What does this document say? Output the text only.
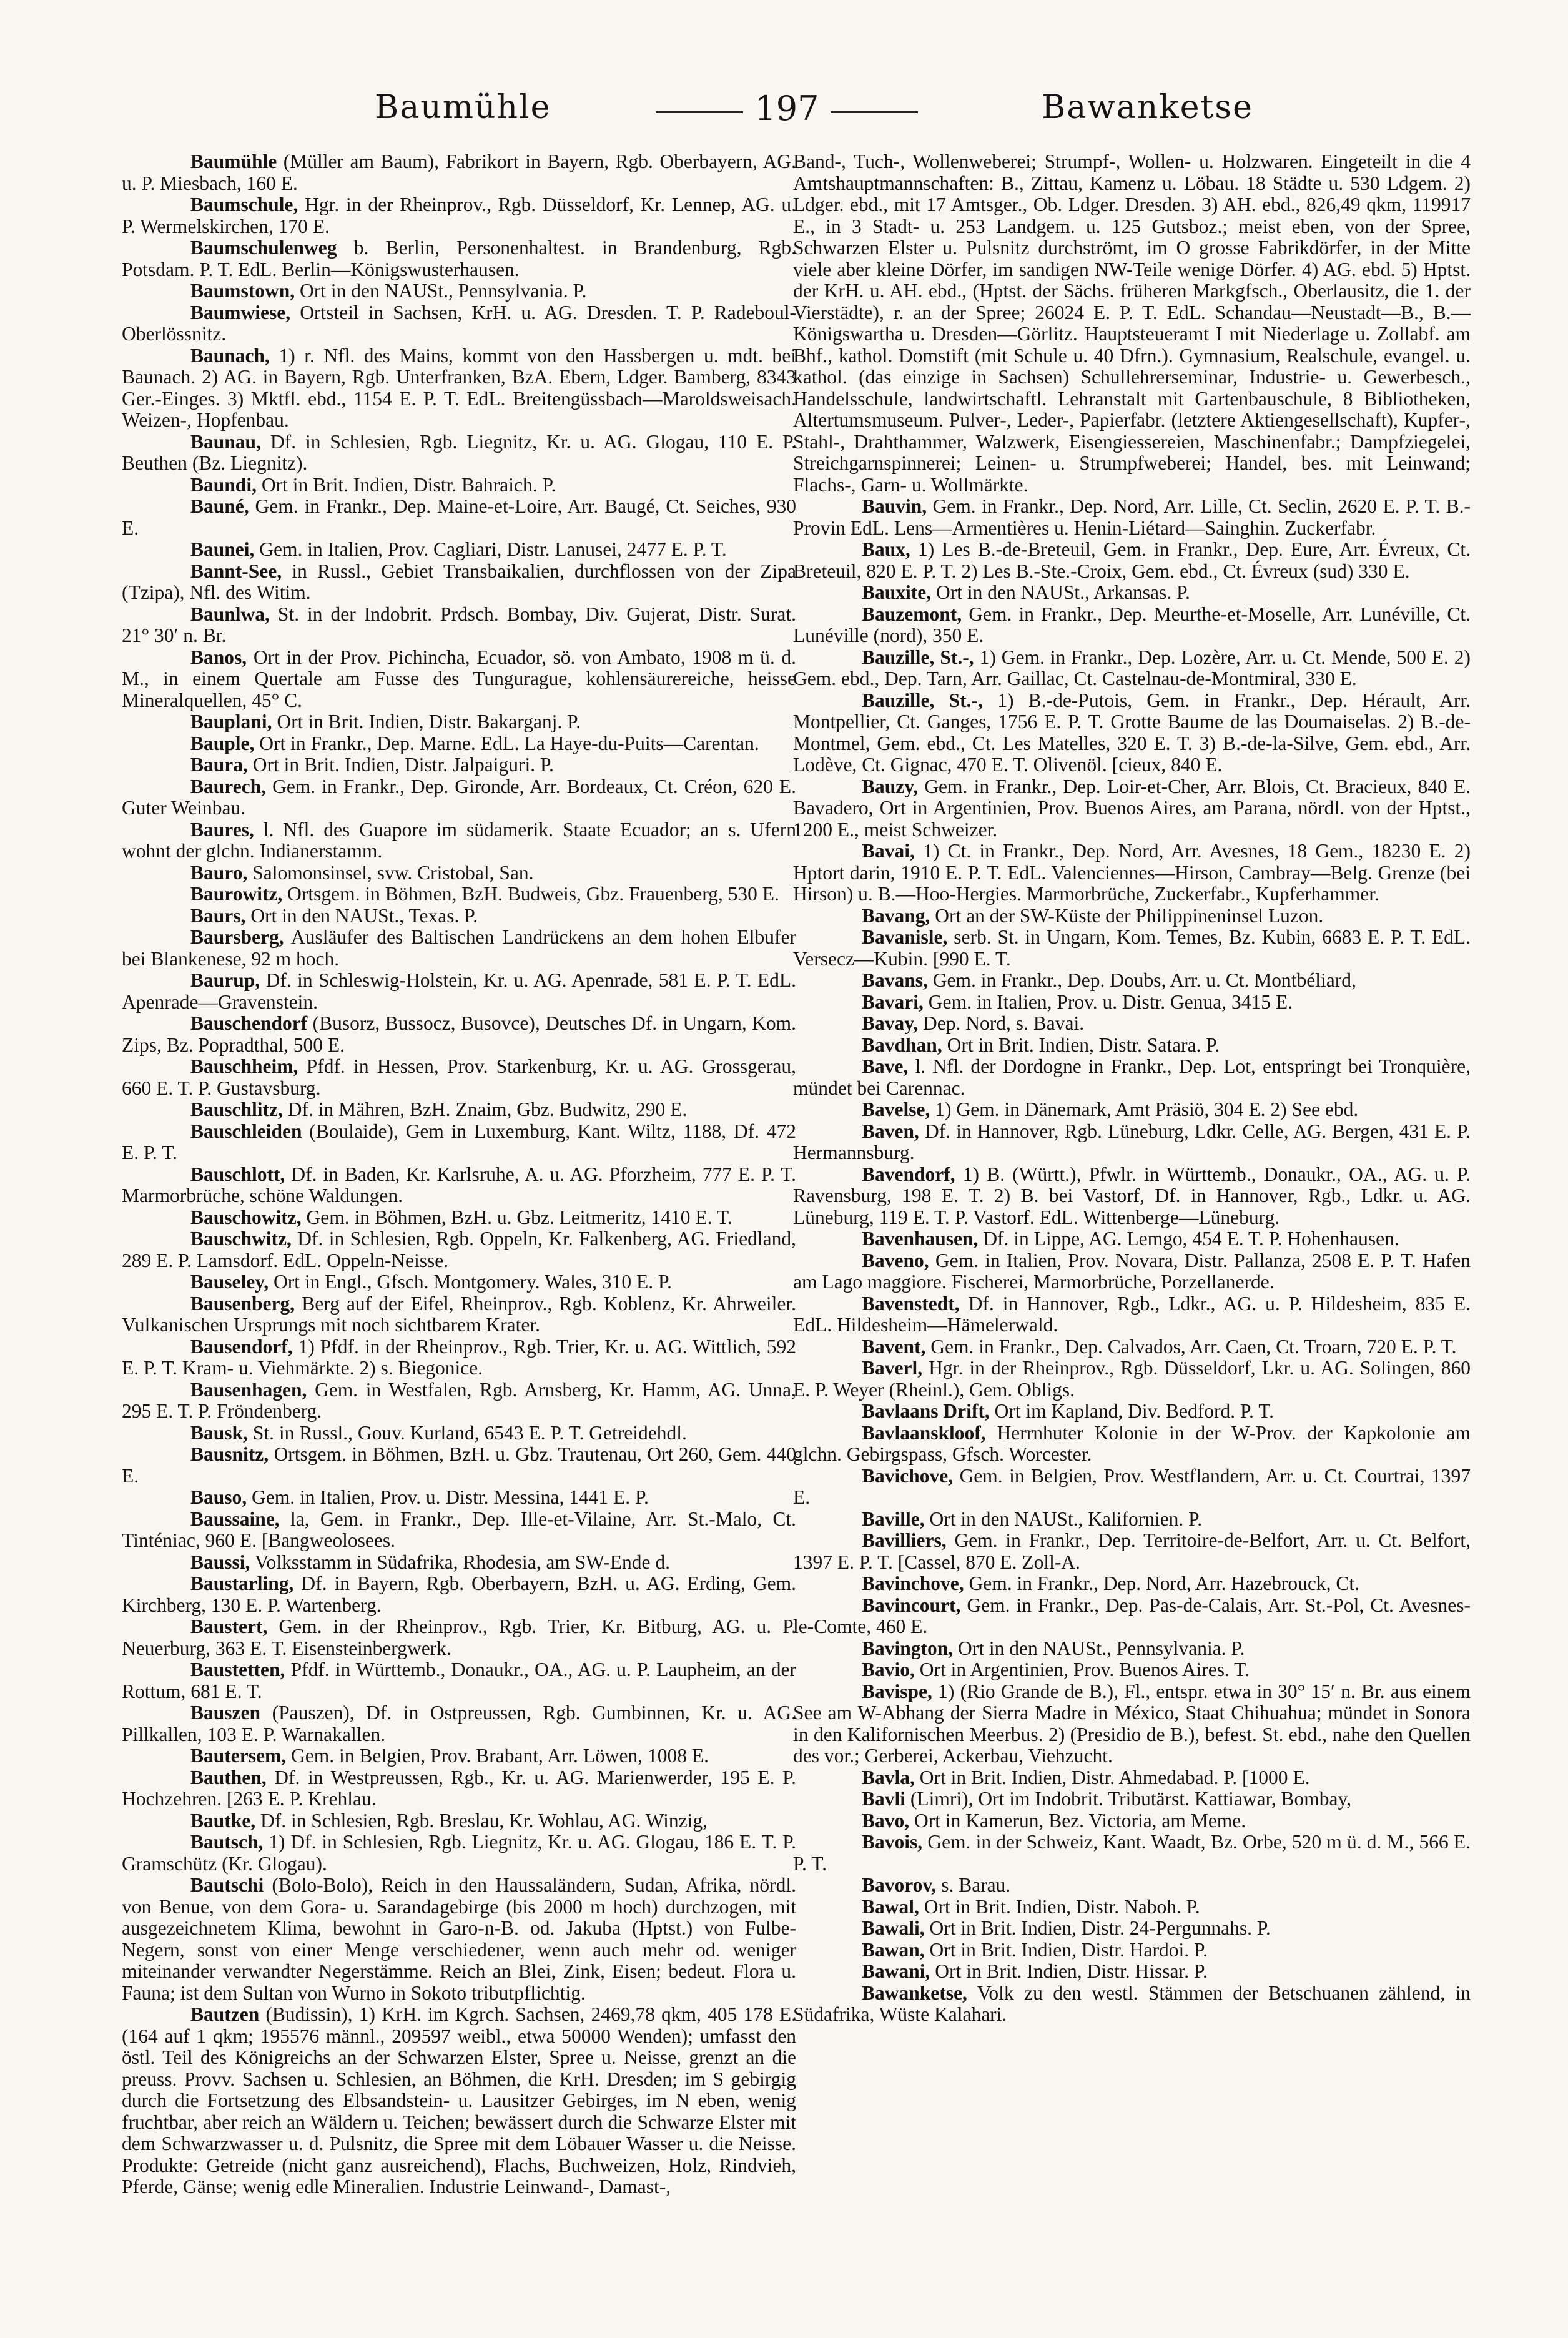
Baumühle	197	Bawanketse

Baumühle (Müller am Baum), Fabrikort in Bayern, Rgb. Oberbayern, AG. u. P. Miesbach, 160 E.

Baumschule, Hgr. in der Rheinprov., Rgb. Düsseldorf, Kr. Lennep, AG. u. P. Wermelskirchen, 170 E.

Baumschulenweg b. Berlin, Personenhaltest. in Brandenburg, Rgb. Potsdam. P. T. EdL. Berlin—Königswusterhausen.

Baumstown, Ort in den NAUSt., Pennsylvania. P.

Baumwiese, Ortsteil in Sachsen, KrH. u. AG. Dresden. T. P. Radeboul-Oberlössnitz.

Baunach, 1) r. Nfl. des Mains, kommt von den Hassbergen u. mdt. bei Baunach. 2) AG. in Bayern, Rgb. Unterfranken, BzA. Ebern, Ldger. Bamberg, 8343 Ger.-Einges. 3) Mktfl. ebd., 1154 E. P. T. EdL. Breitengüssbach—Maroldsweisach. Weizen-, Hopfenbau.

Baunau, Df. in Schlesien, Rgb. Liegnitz, Kr. u. AG. Glogau, 110 E. P. Beuthen (Bz. Liegnitz).

Baundi, Ort in Brit. Indien, Distr. Bahraich. P.

Bauné, Gem. in Frankr., Dep. Maine-et-Loire, Arr. Baugé, Ct. Seiches, 930 E.

Baunei, Gem. in Italien, Prov. Cagliari, Distr. Lanusei, 2477 E. P. T.

Bannt-See, in Russl., Gebiet Transbaikalien, durchflossen von der Zipa (Tzipa), Nfl. des Witim.

Baunlwa, St. in der Indobrit. Prdsch. Bombay, Div. Gujerat, Distr. Surat. 21° 30′ n. Br.

Banos, Ort in der Prov. Pichincha, Ecuador, sö. von Ambato, 1908 m ü. d. M., in einem Quertale am Fusse des Tungurague, kohlensäurereiche, heisse Mineralquellen, 45° C.

Bauplani, Ort in Brit. Indien, Distr. Bakarganj. P.

Bauple, Ort in Frankr., Dep. Marne. EdL. La Haye-du-Puits—Carentan.

Baura, Ort in Brit. Indien, Distr. Jalpaiguri. P.

Baurech, Gem. in Frankr., Dep. Gironde, Arr. Bordeaux, Ct. Créon, 620 E. Guter Weinbau.

Baures, l. Nfl. des Guapore im südamerik. Staate Ecuador; an s. Ufern wohnt der glchn. Indianerstamm.

Bauro, Salomonsinsel, svw. Cristobal, San.

Baurowitz, Ortsgem. in Böhmen, BzH. Budweis, Gbz. Frauenberg, 530 E.

Baurs, Ort in den NAUSt., Texas. P.

Baursberg, Ausläufer des Baltischen Landrückens an dem hohen Elbufer bei Blankenese, 92 m hoch.

Baurup, Df. in Schleswig-Holstein, Kr. u. AG. Apenrade, 581 E. P. T. EdL. Apenrade—Gravenstein.

Bauschendorf (Busorz, Bussocz, Busovce), Deutsches Df. in Ungarn, Kom. Zips, Bz. Popradthal, 500 E.

Bauschheim, Pfdf. in Hessen, Prov. Starkenburg, Kr. u. AG. Grossgerau, 660 E. T. P. Gustavsburg.

Bauschlitz, Df. in Mähren, BzH. Znaim, Gbz. Budwitz, 290 E.

Bauschleiden (Boulaide), Gem in Luxemburg, Kant. Wiltz, 1188, Df. 472 E. P. T.

Bauschlott, Df. in Baden, Kr. Karlsruhe, A. u. AG. Pforzheim, 777 E. P. T. Marmorbrüche, schöne Waldungen.

Bauschowitz, Gem. in Böhmen, BzH. u. Gbz. Leitmeritz, 1410 E. T.

Bauschwitz, Df. in Schlesien, Rgb. Oppeln, Kr. Falkenberg, AG. Friedland, 289 E. P. Lamsdorf. EdL. Oppeln-Neisse.

Bauseley, Ort in Engl., Gfsch. Montgomery. Wales, 310 E. P.

Bausenberg, Berg auf der Eifel, Rheinprov., Rgb. Koblenz, Kr. Ahrweiler. Vulkanischen Ursprungs mit noch sichtbarem Krater.

Bausendorf, 1) Pfdf. in der Rheinprov., Rgb. Trier, Kr. u. AG. Wittlich, 592 E. P. T. Kram- u. Viehmärkte. 2) s. Biegonice.

Bausenhagen, Gem. in Westfalen, Rgb. Arnsberg, Kr. Hamm, AG. Unna, 295 E. T. P. Fröndenberg.

Bausk, St. in Russl., Gouv. Kurland, 6543 E. P. T. Getreidehdl.

Bausnitz, Ortsgem. in Böhmen, BzH. u. Gbz. Trautenau, Ort 260, Gem. 440 E.

Bauso, Gem. in Italien, Prov. u. Distr. Messina, 1441 E. P.

Baussaine, la, Gem. in Frankr., Dep. Ille-et-Vilaine, Arr. St.-Malo, Ct. Tinténiac, 960 E. [Bangweolosees.

Baussi, Volksstamm in Südafrika, Rhodesia, am SW-Ende d.

Baustarling, Df. in Bayern, Rgb. Oberbayern, BzH. u. AG. Erding, Gem. Kirchberg, 130 E. P. Wartenberg.

Baustert, Gem. in der Rheinprov., Rgb. Trier, Kr. Bitburg, AG. u. P. Neuerburg, 363 E. T. Eisensteinbergwerk.

Baustetten, Pfdf. in Württemb., Donaukr., OA., AG. u. P. Laupheim, an der Rottum, 681 E. T.

Bauszen (Pauszen), Df. in Ostpreussen, Rgb. Gumbinnen, Kr. u. AG. Pillkallen, 103 E. P. Warnakallen.

Bautersem, Gem. in Belgien, Prov. Brabant, Arr. Löwen, 1008 E.

Bauthen, Df. in Westpreussen, Rgb., Kr. u. AG. Marienwerder, 195 E. P. Hochzehren. [263 E. P. Krehlau.

Bautke, Df. in Schlesien, Rgb. Breslau, Kr. Wohlau, AG. Winzig,

Bautsch, 1) Df. in Schlesien, Rgb. Liegnitz, Kr. u. AG. Glogau, 186 E. T. P. Gramschütz (Kr. Glogau).

Bautschi (Bolo-Bolo), Reich in den Haussaländern, Sudan, Afrika, nördl. von Benue, von dem Gora- u. Sarandagebirge (bis 2000 m hoch) durchzogen, mit ausgezeichnetem Klima, bewohnt in Garo-n-B. od. Jakuba (Hptst.) von Fulbe-Negern, sonst von einer Menge verschiedener, wenn auch mehr od. weniger miteinander verwandter Negerstämme. Reich an Blei, Zink, Eisen; bedeut. Flora u. Fauna; ist dem Sultan von Wurno in Sokoto tributpflichtig.

Bautzen (Budissin), 1) KrH. im Kgrch. Sachsen, 2469,78 qkm, 405 178 E. (164 auf 1 qkm; 195576 männl., 209597 weibl., etwa 50000 Wenden); umfasst den östl. Teil des Königreichs an der Schwarzen Elster, Spree u. Neisse, grenzt an die preuss. Provv. Sachsen u. Schlesien, an Böhmen, die KrH. Dresden; im S gebirgig durch die Fortsetzung des Elbsandstein- u. Lausitzer Gebirges, im N eben, wenig fruchtbar, aber reich an Wäldern u. Teichen; bewässert durch die Schwarze Elster mit dem Schwarzwasser u. d. Pulsnitz, die Spree mit dem Löbauer Wasser u. die Neisse. Produkte: Getreide (nicht ganz ausreichend), Flachs, Buchweizen, Holz, Rindvieh, Pferde, Gänse; wenig edle Mineralien. Industrie Leinwand-, Damast-,

Band-, Tuch-, Wollenweberei; Strumpf-, Wollen- u. Holzwaren. Eingeteilt in die 4 Amtshauptmannschaften: B., Zittau, Kamenz u. Löbau. 18 Städte u. 530 Ldgem. 2) Ldger. ebd., mit 17 Amtsger., Ob. Ldger. Dresden. 3) AH. ebd., 826,49 qkm, 119917 E., in 3 Stadt- u. 253 Landgem. u. 125 Gutsboz.; meist eben, von der Spree, Schwarzen Elster u. Pulsnitz durchströmt, im O grosse Fabrikdörfer, in der Mitte viele aber kleine Dörfer, im sandigen NW-Teile wenige Dörfer. 4) AG. ebd. 5) Hptst. der KrH. u. AH. ebd., (Hptst. der Sächs. früheren Markgfsch., Oberlausitz, die 1. der Vierstädte), r. an der Spree; 26024 E. P. T. EdL. Schandau—Neustadt—B., B.—Königswartha u. Dresden—Görlitz. Hauptsteueramt I mit Niederlage u. Zollabf. am Bhf., kathol. Domstift (mit Schule u. 40 Dfrn.). Gymnasium, Realschule, evangel. u. kathol. (das einzige in Sachsen) Schullehrerseminar, Industrie- u. Gewerbesch., Handelsschule, landwirtschaftl. Lehranstalt mit Gartenbauschule, 8 Bibliotheken, Altertumsmuseum. Pulver-, Leder-, Papierfabr. (letztere Aktiengesellschaft), Kupfer-, Stahl-, Drahthammer, Walzwerk, Eisengiessereien, Maschinenfabr.; Dampfziegelei, Streichgarnspinnerei; Leinen- u. Strumpfweberei; Handel, bes. mit Leinwand; Flachs-, Garn- u. Wollmärkte.

Bauvin, Gem. in Frankr., Dep. Nord, Arr. Lille, Ct. Seclin, 2620 E. P. T. B.-Provin EdL. Lens—Armentières u. Henin-Liétard—Sainghin. Zuckerfabr.

Baux, 1) Les B.-de-Breteuil, Gem. in Frankr., Dep. Eure, Arr. Évreux, Ct. Breteuil, 820 E. P. T. 2) Les B.-Ste.-Croix, Gem. ebd., Ct. Évreux (sud) 330 E.

Bauxite, Ort in den NAUSt., Arkansas. P.

Bauzemont, Gem. in Frankr., Dep. Meurthe-et-Moselle, Arr. Lunéville, Ct. Lunéville (nord), 350 E.

Bauzille, St.-, 1) Gem. in Frankr., Dep. Lozère, Arr. u. Ct. Mende, 500 E. 2) Gem. ebd., Dep. Tarn, Arr. Gaillac, Ct. Castelnau-de-Montmiral, 330 E.

Bauzille, St.-, 1) B.-de-Putois, Gem. in Frankr., Dep. Hérault, Arr. Montpellier, Ct. Ganges, 1756 E. P. T. Grotte Baume de las Doumaiselas. 2) B.-de-Montmel, Gem. ebd., Ct. Les Matelles, 320 E. T. 3) B.-de-la-Silve, Gem. ebd., Arr. Lodève, Ct. Gignac, 470 E. T. Olivenöl. [cieux, 840 E.

Bauzy, Gem. in Frankr., Dep. Loir-et-Cher, Arr. Blois, Ct. Bracieux, 840 E. Bavadero, Ort in Argentinien, Prov. Buenos Aires, am Parana, nördl. von der Hptst., 1200 E., meist Schweizer.

Bavai, 1) Ct. in Frankr., Dep. Nord, Arr. Avesnes, 18 Gem., 18230 E. 2) Hptort darin, 1910 E. P. T. EdL. Valenciennes—Hirson, Cambray—Belg. Grenze (bei Hirson) u. B.—Hoo-Hergies. Marmorbrüche, Zuckerfabr., Kupferhammer.

Bavang, Ort an der SW-Küste der Philippineninsel Luzon.

Bavanisle, serb. St. in Ungarn, Kom. Temes, Bz. Kubin, 6683 E. P. T. EdL. Versecz—Kubin. [990 E. T.

Bavans, Gem. in Frankr., Dep. Doubs, Arr. u. Ct. Montbéliard,

Bavari, Gem. in Italien, Prov. u. Distr. Genua, 3415 E.

Bavay, Dep. Nord, s. Bavai.

Bavdhan, Ort in Brit. Indien, Distr. Satara. P.

Bave, l. Nfl. der Dordogne in Frankr., Dep. Lot, entspringt bei Tronquière, mündet bei Carennac.

Bavelse, 1) Gem. in Dänemark, Amt Präsiö, 304 E. 2) See ebd.

Baven, Df. in Hannover, Rgb. Lüneburg, Ldkr. Celle, AG. Bergen, 431 E. P. Hermannsburg.

Bavendorf, 1) B. (Württ.), Pfwlr. in Württemb., Donaukr., OA., AG. u. P. Ravensburg, 198 E. T. 2) B. bei Vastorf, Df. in Hannover, Rgb., Ldkr. u. AG. Lüneburg, 119 E. T. P. Vastorf. EdL. Wittenberge—Lüneburg.

Bavenhausen, Df. in Lippe, AG. Lemgo, 454 E. T. P. Hohenhausen.

Baveno, Gem. in Italien, Prov. Novara, Distr. Pallanza, 2508 E. P. T. Hafen am Lago maggiore. Fischerei, Marmorbrüche, Porzellanerde.

Bavenstedt, Df. in Hannover, Rgb., Ldkr., AG. u. P. Hildesheim, 835 E. EdL. Hildesheim—Hämelerwald.

Bavent, Gem. in Frankr., Dep. Calvados, Arr. Caen, Ct. Troarn, 720 E. P. T.

Baverl, Hgr. in der Rheinprov., Rgb. Düsseldorf, Lkr. u. AG. Solingen, 860 E. P. Weyer (Rheinl.), Gem. Obligs.

Bavlaans Drift, Ort im Kapland, Div. Bedford. P. T.

Bavlaanskloof, Herrnhuter Kolonie in der W-Prov. der Kapkolonie am glchn. Gebirgspass, Gfsch. Worcester.

Bavichove, Gem. in Belgien, Prov. Westflandern, Arr. u. Ct. Courtrai, 1397 E.

Baville, Ort in den NAUSt., Kalifornien. P.

Bavilliers, Gem. in Frankr., Dep. Territoire-de-Belfort, Arr. u. Ct. Belfort, 1397 E. P. T. [Cassel, 870 E. Zoll-A.

Bavinchove, Gem. in Frankr., Dep. Nord, Arr. Hazebrouck, Ct.

Bavincourt, Gem. in Frankr., Dep. Pas-de-Calais, Arr. St.-Pol, Ct. Avesnes-le-Comte, 460 E.

Bavington, Ort in den NAUSt., Pennsylvania. P.

Bavio, Ort in Argentinien, Prov. Buenos Aires. T.

Bavispe, 1) (Rio Grande de B.), Fl., entspr. etwa in 30° 15′ n. Br. aus einem See am W-Abhang der Sierra Madre in México, Staat Chihuahua; mündet in Sonora in den Kalifornischen Meerbus. 2) (Presidio de B.), befest. St. ebd., nahe den Quellen des vor.; Gerberei, Ackerbau, Viehzucht.

Bavla, Ort in Brit. Indien, Distr. Ahmedabad. P. [1000 E.

Bavli (Limri), Ort im Indobrit. Tributärst. Kattiawar, Bombay,

Bavo, Ort in Kamerun, Bez. Victoria, am Meme.

Bavois, Gem. in der Schweiz, Kant. Waadt, Bz. Orbe, 520 m ü. d. M., 566 E. P. T.

Bavorov, s. Barau.

Bawal, Ort in Brit. Indien, Distr. Naboh. P.

Bawali, Ort in Brit. Indien, Distr. 24-Pergunnahs. P.

Bawan, Ort in Brit. Indien, Distr. Hardoi. P.

Bawani, Ort in Brit. Indien, Distr. Hissar. P.

Bawanketse, Volk zu den westl. Stämmen der Betschuanen zählend, in Südafrika, Wüste Kalahari.
